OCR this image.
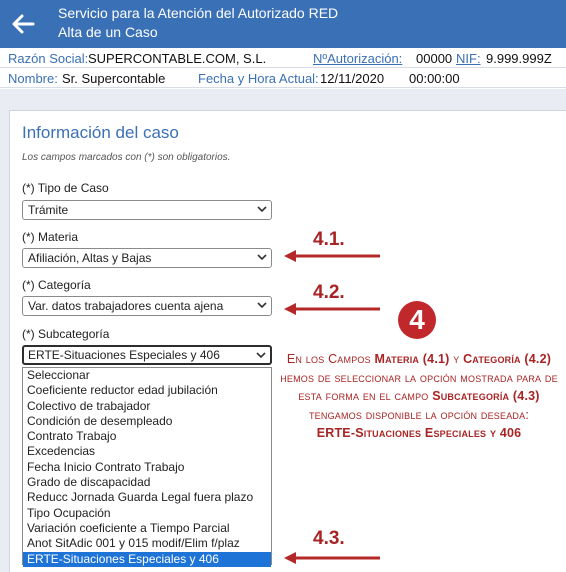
Servicio para la Atención del Autorizado RED
Alta de un Caso
Razón Social: SUPERCONTABLE.COM, S.L.	NºAutorización: 00000 NIF: 9.999.999Z
Nombre: Sr. Supercontable	Fecha y Hora Actual: 12/11/2020 00:00:00
Información del caso
Los campos marcados con (*) son obligatorios.
(*) Tipo de Caso
Trámite
(*) Materia
Afiliación, Altas y Bajas
(*) Categoría
Var. datos trabajadores cuenta ajena
(*) Subcategoría
ERTE-Situaciones Especiales y 406
Seleccionar
Coeficiente reductor edad jubilación
Colectivo de trabajador
Condición de desempleado
Contrato Trabajo
Excedencias
Fecha Inicio Contrato Trabajo
Grado de discapacidad
Reducc Jornada Guarda Legal fuera plazo
Tipo Ocupación
Variación coeficiente a Tiempo Parcial
Anot SitAdic 001 y 015 modif/Elim f/plaz
ERTE-Situaciones Especiales y 406
4.1.
4.2.
4.3.
4
En los Campos Materia (4.1) y Categoría (4.2) hemos de seleccionar la opción mostrada para de esta forma en el campo Subcategoría (4.3) tengamos disponible la opción deseada:
ERTE-Situaciones Especiales y 406
